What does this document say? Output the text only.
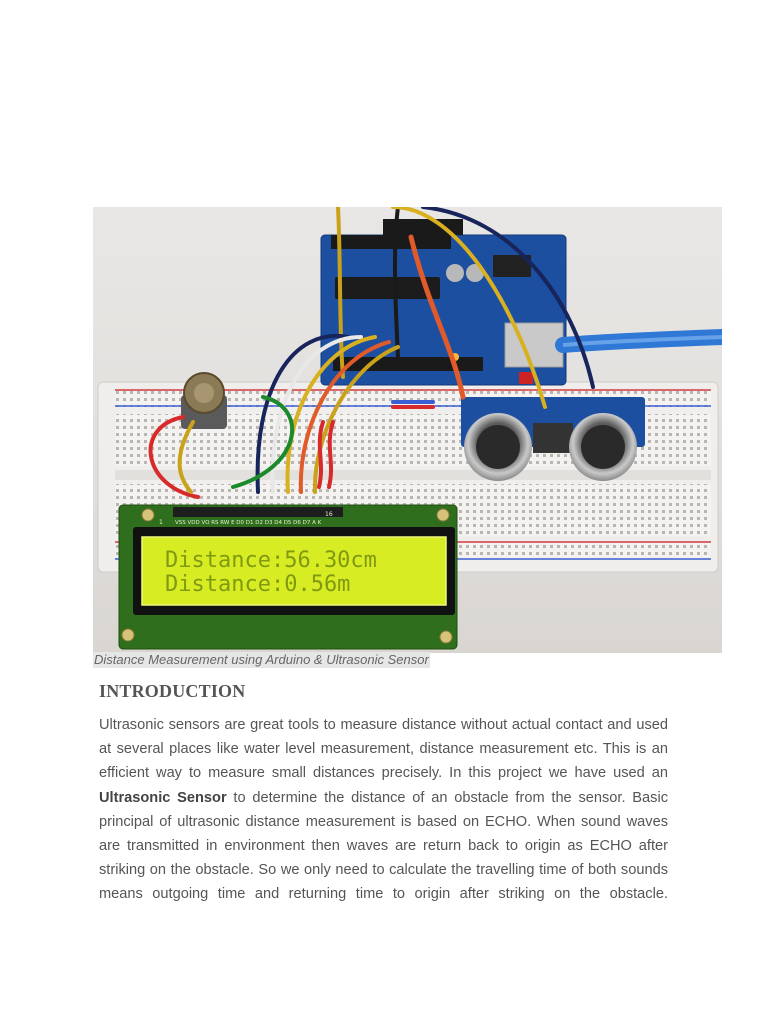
VSS VDD VO RS RW E D0 D1 D2 D3 D4 D5 D6 D7 A K
1
16
Distance:56.30cm
Distance:0.56m
Distance Measurement using Arduino & Ultrasonic Sensor
INTRODUCTION

Ultrasonic sensors are great tools to measure distance without actual contact and used at several places like water level measurement, distance measurement etc. This is an efficient way to measure small distances precisely. In this project we have used an Ultrasonic Sensor to determine the distance of an obstacle from the sensor. Basic principal of ultrasonic distance measurement is based on ECHO. When sound waves are transmitted in environment then waves are return back to origin as ECHO after striking on the obstacle. So we only need to calculate the travelling time of both sounds means outgoing time and returning time to origin after striking on the obstacle.
